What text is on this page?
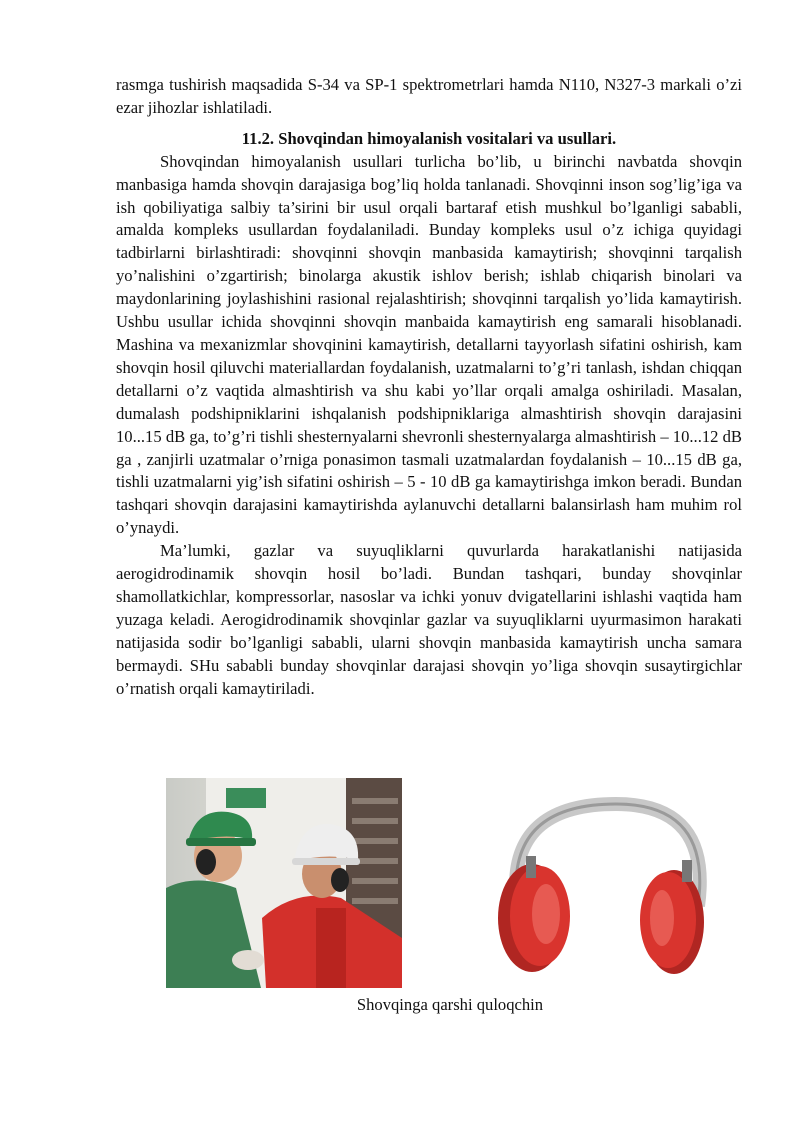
rasmga tushirish maqsadida S-34 va SP-1 spektrometrlari hamda N110, N327-3 markali o’zi ezar jihozlar ishlatiladi.

11.2. Shovqindan himoyalanish vositalari va usullari.

Shovqindan himoyalanish usullari turlicha bo’lib, u birinchi navbatda shovqin manbasiga hamda shovqin darajasiga bog’liq holda tanlanadi. Shovqinni inson sog’lig’iga va ish qobiliyatiga salbiy ta’sirini bir usul orqali bartaraf etish mushkul bo’lganligi sababli, amalda kompleks usullardan foydalaniladi. Bunday kompleks usul o’z ichiga quyidagi tadbirlarni birlashtiradi: shovqinni shovqin manbasida kamaytirish; shovqinni tarqalish yo’nalishini o’zgartirish; binolarga akustik ishlov berish; ishlab chiqarish binolari va maydonlarining joylashishini rasional rejalashtirish; shovqinni tarqalish yo’lida kamaytirish. Ushbu usullar ichida shovqinni shovqin manbaida kamaytirish eng samarali hisoblanadi. Mashina va mexanizmlar shovqinini kamaytirish, detallarni tayyorlash sifatini oshirish, kam shovqin hosil qiluvchi materiallardan foydalanish, uzatmalarni to’g’ri tanlash, ishdan chiqqan detallarni o’z vaqtida almashtirish va shu kabi yo’llar orqali amalga oshiriladi. Masalan, dumalash podshipniklarini ishqalanish podshipniklariga almashtirish shovqin darajasini 10...15 dB ga, to’g’ri tishli shesternyalarni shevronli shesternyalarga almashtirish – 10...12 dB ga , zanjirli uzatmalar o’rniga ponasimon tasmali uzatmalardan foydalanish – 10...15 dB ga, tishli uzatmalarni yig’ish sifatini oshirish – 5 - 10 dB ga kamaytirishga imkon beradi. Bundan tashqari shovqin darajasini kamaytirishda aylanuvchi detallarni balansirlash ham muhim rol o’ynaydi.

Ma’lumki, gazlar va suyuqliklarni quvurlarda harakatlanishi natijasida aerogidrodinamik shovqin hosil bo’ladi. Bundan tashqari, bunday shovqinlar shamollatkichlar, kompressorlar, nasoslar va ichki yonuv dvigatellarini ishlashi vaqtida ham yuzaga keladi. Aerogidrodinamik shovqinlar gazlar va suyuqliklarni uyurmasimon harakati natijasida sodir bo’lganligi sababli, ularni shovqin manbasida kamaytirish uncha samara bermaydi. SHu sababli bunday shovqinlar darajasi shovqin yo’liga shovqin susaytirgichlar o’rnatish orqali kamaytiriladi.

Shovqinga qarshi quloqchin
